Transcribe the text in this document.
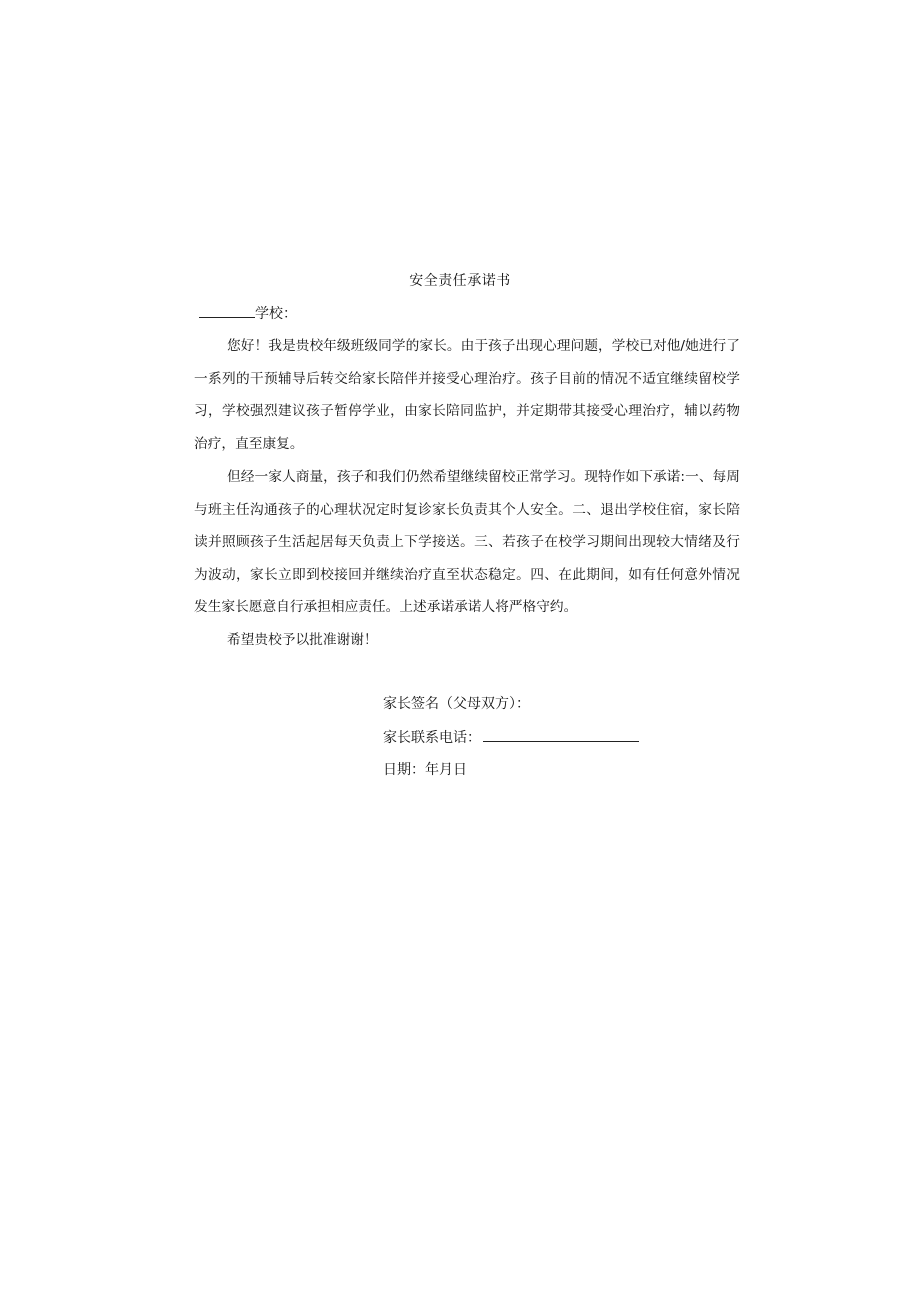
安全责任承诺书
学校：

您好！我是贵校年级班级同学的家长。由于孩子出现心理问题，学校已对他/她进行了一系列的干预辅导后转交给家长陪伴并接受心理治疗。孩子目前的情况不适宜继续留校学习，学校强烈建议孩子暂停学业，由家长陪同监护，并定期带其接受心理治疗，辅以药物治疗，直至康复。

但经一家人商量，孩子和我们仍然希望继续留校正常学习。现特作如下承诺:一、每周与班主任沟通孩子的心理状况定时复诊家长负责其个人安全。二、退出学校住宿，家长陪读并照顾孩子生活起居每天负责上下学接送。三、若孩子在校学习期间出现较大情绪及行为波动，家长立即到校接回并继续治疗直至状态稳定。四、在此期间，如有任何意外情况发生家长愿意自行承担相应责任。上述承诺承诺人将严格守约。

希望贵校予以批准谢谢！

家长签名（父母双方）：
家长联系电话：
日期：年月日
